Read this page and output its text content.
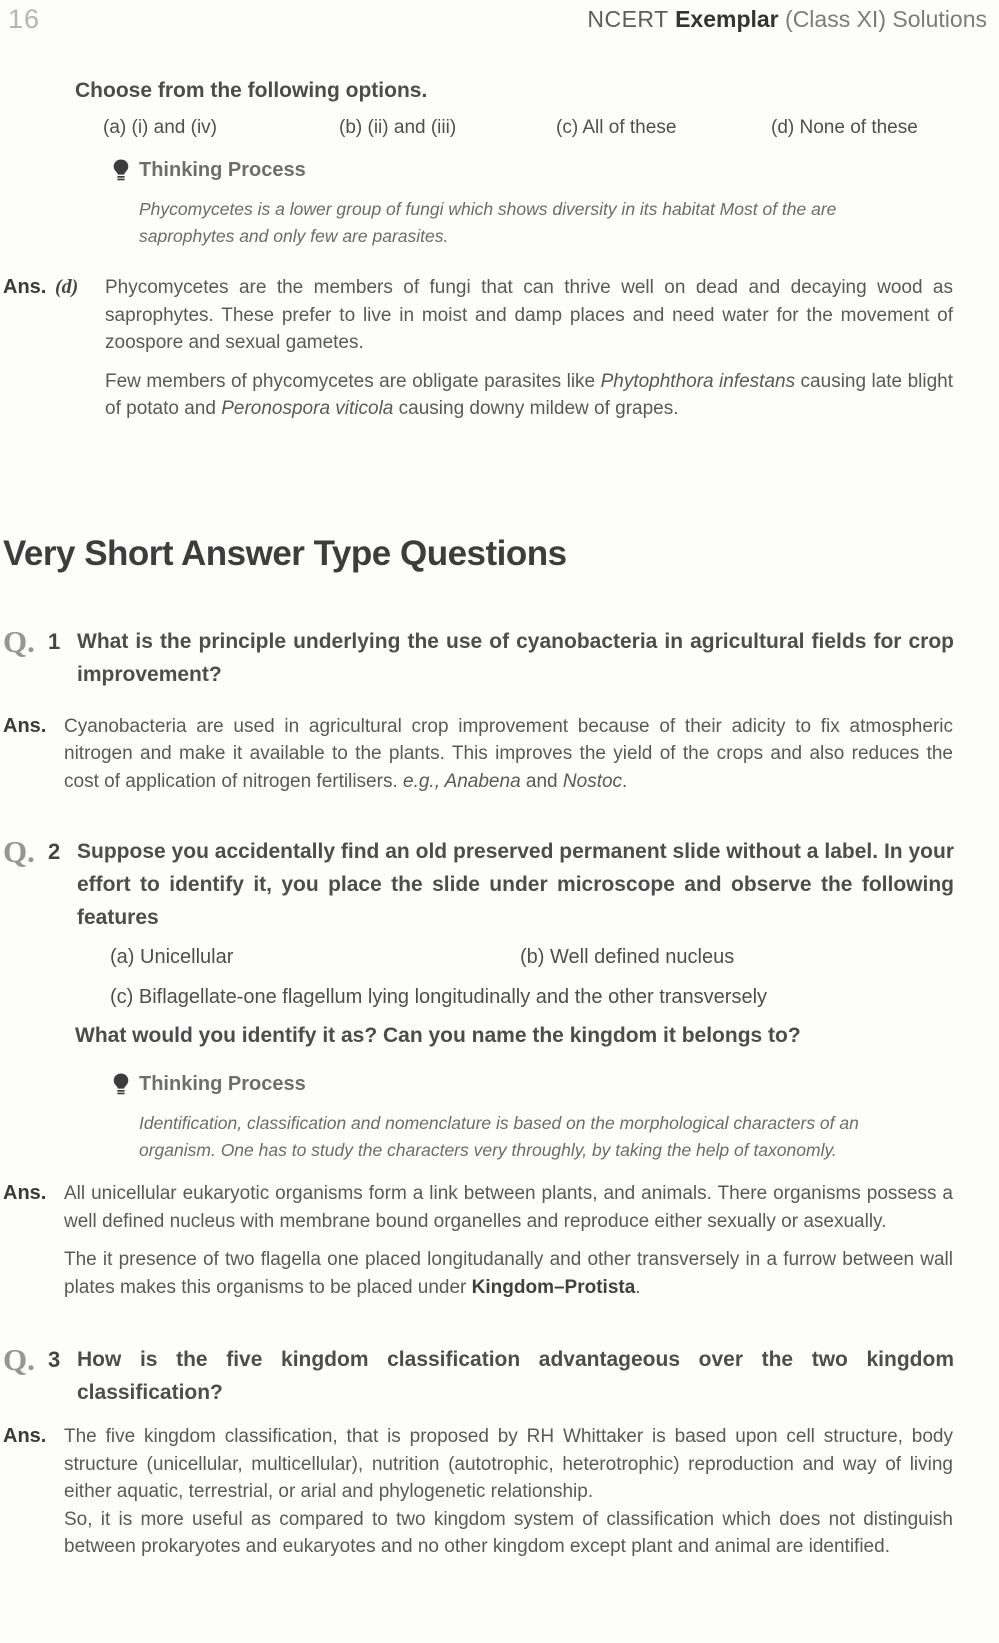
16	NCERT Exemplar (Class XI) Solutions
Choose from the following options.
(a) (i) and (iv)	(b) (ii) and (iii)	(c) All of these	(d) None of these
Thinking Process
Phycomycetes is a lower group of fungi which shows diversity in its habitat Most of the are saprophytes and only few are parasites.
Ans. (d)	Phycomycetes are the members of fungi that can thrive well on dead and decaying wood as saprophytes. These prefer to live in moist and damp places and need water for the movement of zoospore and sexual gametes.

Few members of phycomycetes are obligate parasites like Phytophthora infestans causing late blight of potato and Peronospora viticola causing downy mildew of grapes.

Very Short Answer Type Questions
Q. 1 What is the principle underlying the use of cyanobacteria in agricultural fields for crop improvement?
Ans. Cyanobacteria are used in agricultural crop improvement because of their adicity to fix atmospheric nitrogen and make it available to the plants. This improves the yield of the crops and also reduces the cost of application of nitrogen fertilisers. e.g., Anabena and Nostoc.

Q. 2 Suppose you accidentally find an old preserved permanent slide without a label. In your effort to identify it, you place the slide under microscope and observe the following features
(a) Unicellular	(b) Well defined nucleus
(c) Biflagellate-one flagellum lying longitudinally and the other transversely
What would you identify it as? Can you name the kingdom it belongs to?
Thinking Process
Identification, classification and nomenclature is based on the morphological characters of an organism. One has to study the characters very throughly, by taking the help of taxonomly.
Ans. All unicellular eukaryotic organisms form a link between plants, and animals. There organisms possess a well defined nucleus with membrane bound organelles and reproduce either sexually or asexually.

The it presence of two flagella one placed longitudanally and other transversely in a furrow between wall plates makes this organisms to be placed under Kingdom–Protista.

Q. 3 How is the five kingdom classification advantageous over the two kingdom classification?
Ans. The five kingdom classification, that is proposed by RH Whittaker is based upon cell structure, body structure (unicellular, multicellular), nutrition (autotrophic, heterotrophic) reproduction and way of living either aquatic, terrestrial, or arial and phylogenetic relationship.

So, it is more useful as compared to two kingdom system of classification which does not distinguish between prokaryotes and eukaryotes and no other kingdom except plant and animal are identified.
